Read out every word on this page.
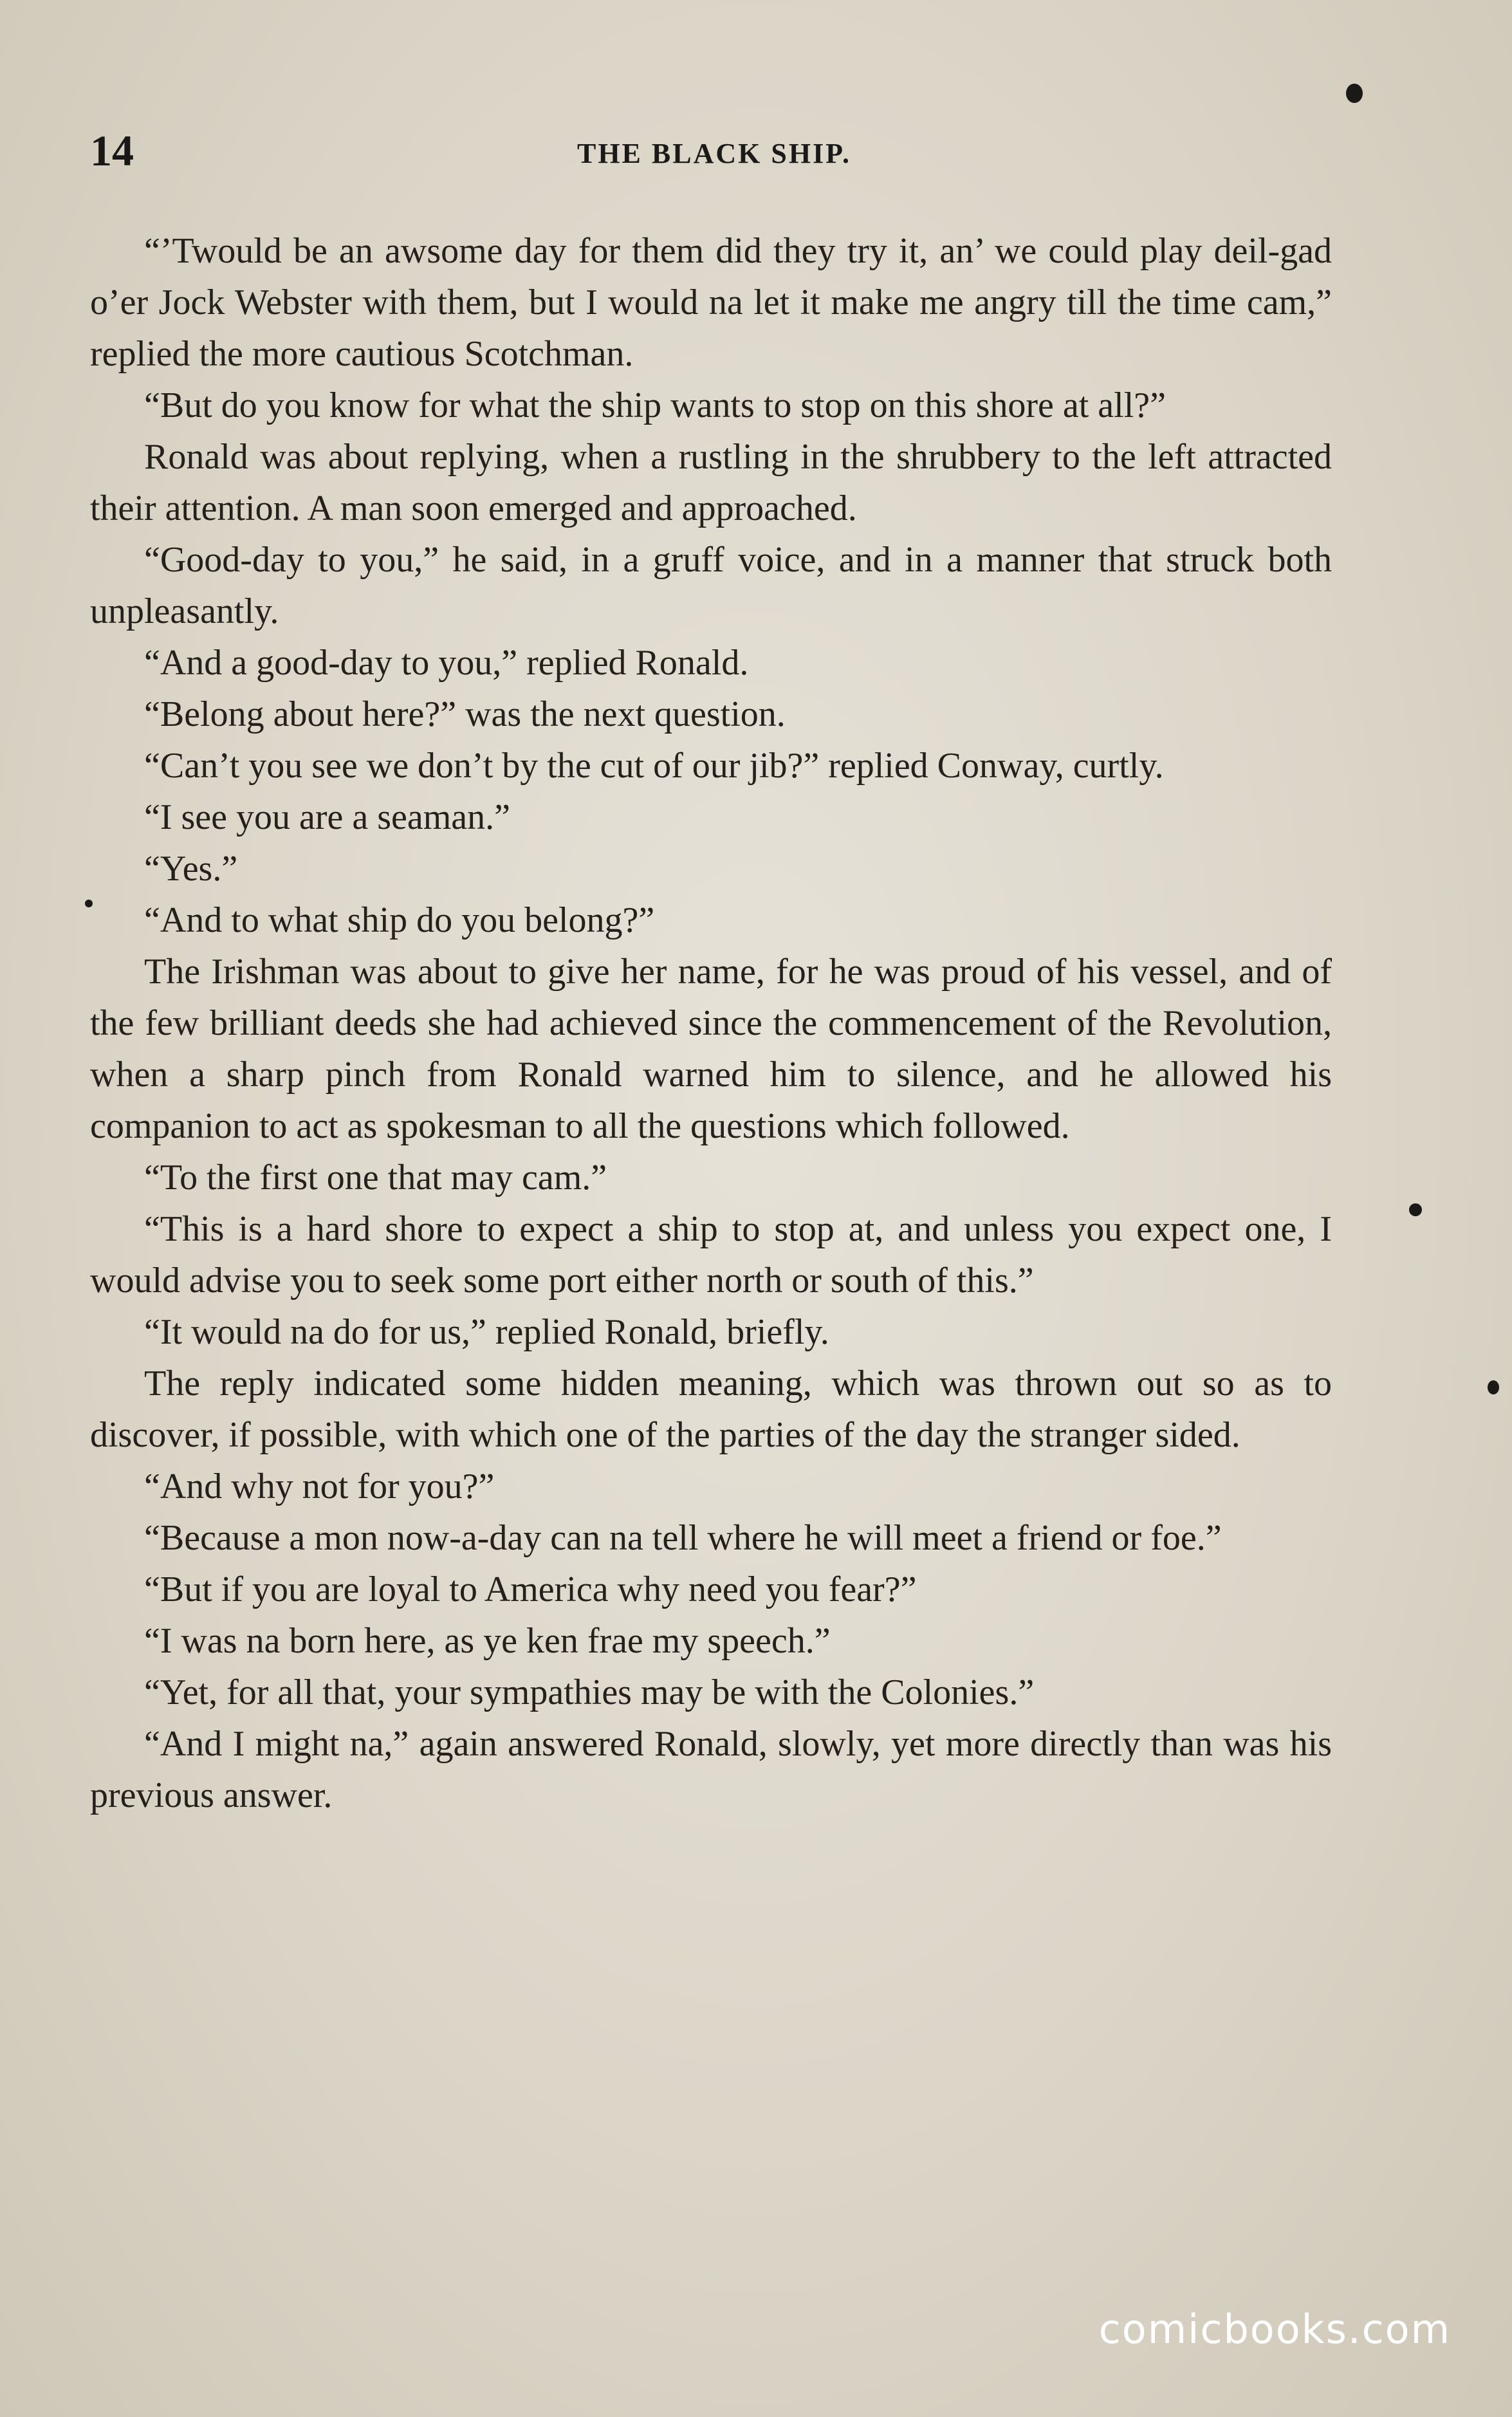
14	THE BLACK SHIP.

“’Twould be an awsome day for them did they try it, an’ we could play deil-gad o’er Jock Webster with them, but I would na let it make me angry till the time cam,” replied the more cautious Scotchman.

“But do you know for what the ship wants to stop on this shore at all?”

Ronald was about replying, when a rustling in the shrubbery to the left attracted their attention. A man soon emerged and approached.

“Good-day to you,” he said, in a gruff voice, and in a manner that struck both unpleasantly.

“And a good-day to you,” replied Ronald.

“Belong about here?” was the next question.

“Can’t you see we don’t by the cut of our jib?” replied Conway, curtly.

“I see you are a seaman.”

“Yes.”

“And to what ship do you belong?”

The Irishman was about to give her name, for he was proud of his vessel, and of the few brilliant deeds she had achieved since the commencement of the Revolution, when a sharp pinch from Ronald warned him to silence, and he allowed his companion to act as spokesman to all the questions which followed.

“To the first one that may cam.”

“This is a hard shore to expect a ship to stop at, and unless you expect one, I would advise you to seek some port either north or south of this.”

“It would na do for us,” replied Ronald, briefly.

The reply indicated some hidden meaning, which was thrown out so as to discover, if possible, with which one of the parties of the day the stranger sided.

“And why not for you?”

“Because a mon now-a-day can na tell where he will meet a friend or foe.”

“But if you are loyal to America why need you fear?”

“I was na born here, as ye ken frae my speech.”

“Yet, for all that, your sympathies may be with the Colonies.”

“And I might na,” again answered Ronald, slowly, yet more directly than was his previous answer.

comicbooks.com
